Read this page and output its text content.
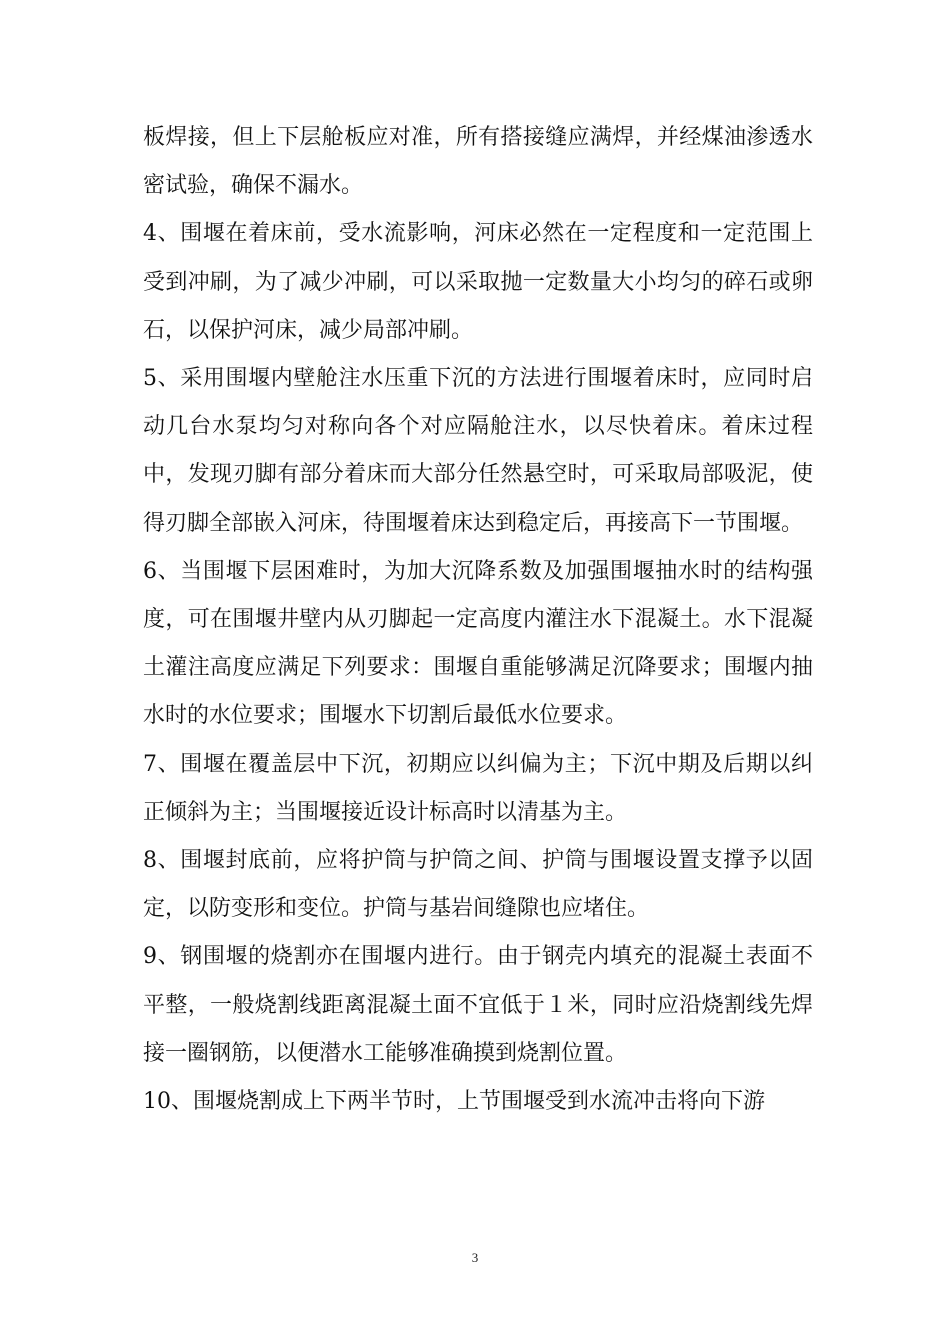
板焊接，但上下层舱板应对准，所有搭接缝应满焊，并经煤油渗透水密试验，确保不漏水。

4、围堰在着床前，受水流影响，河床必然在一定程度和一定范围上受到冲刷，为了减少冲刷，可以采取抛一定数量大小均匀的碎石或卵石，以保护河床，减少局部冲刷。

5、采用围堰内壁舱注水压重下沉的方法进行围堰着床时，应同时启动几台水泵均匀对称向各个对应隔舱注水，以尽快着床。着床过程中，发现刃脚有部分着床而大部分任然悬空时，可采取局部吸泥，使得刃脚全部嵌入河床，待围堰着床达到稳定后，再接高下一节围堰。

6、当围堰下层困难时，为加大沉降系数及加强围堰抽水时的结构强度，可在围堰井壁内从刃脚起一定高度内灌注水下混凝土。水下混凝土灌注高度应满足下列要求：围堰自重能够满足沉降要求；围堰内抽水时的水位要求；围堰水下切割后最低水位要求。

7、围堰在覆盖层中下沉，初期应以纠偏为主；下沉中期及后期以纠正倾斜为主；当围堰接近设计标高时以清基为主。

8、围堰封底前，应将护筒与护筒之间、护筒与围堰设置支撑予以固定，以防变形和变位。护筒与基岩间缝隙也应堵住。

9、钢围堰的烧割亦在围堰内进行。由于钢壳内填充的混凝土表面不平整，一般烧割线距离混凝土面不宜低于１米，同时应沿烧割线先焊接一圈钢筋，以便潜水工能够准确摸到烧割位置。

10、围堰烧割成上下两半节时，上节围堰受到水流冲击将向下游

3
